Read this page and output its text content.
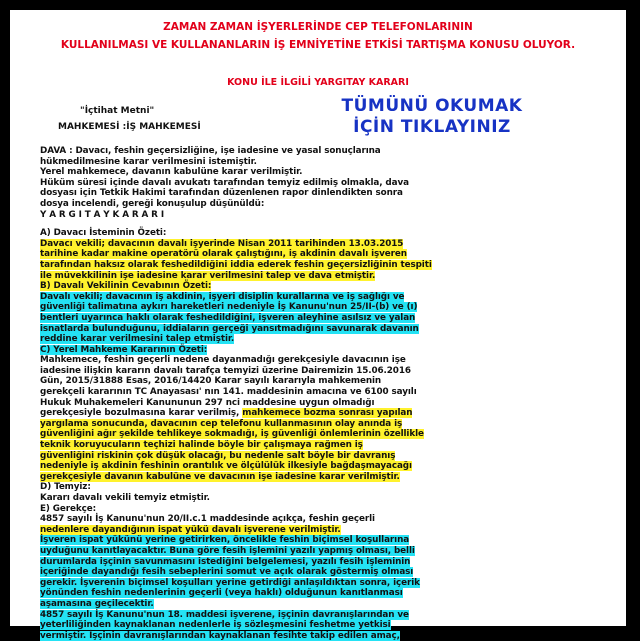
ZAMAN ZAMAN İŞYERLERİNDE CEP TELEFONLARININ
KULLANILMASI VE KULLANANLARIN İŞ EMNİYETİNE ETKİSİ TARTIŞMA KONUSU OLUYOR.
KONU İLE İLGİLİ YARGITAY KARARI
"İçtihat Metni"
MAHKEMESİ :İŞ MAHKEMESİ
TÜMÜNÜ OKUMAK
İÇİN TIKLAYINIZ
DAVA : Davacı, feshin geçersizliğine, işe iadesine ve yasal sonuçlarına
hükmedilmesine karar verilmesini istemiştir.
Yerel mahkemece, davanın kabulüne karar verilmiştir.
Hüküm süresi içinde davalı avukatı tarafından temyiz edilmiş olmakla, dava
dosyası için Tetkik Hakimi tarafından düzenlenen rapor dinlendikten sonra
dosya incelendi, gereği konuşulup düşünüldü:
Y A R G I T A Y K A R A R I
A) Davacı İsteminin Özeti:
Davacı vekili; davacının davalı işyerinde Nisan 2011 tarihinden 13.03.2015
tarihine kadar makine operatörü olarak çalıştığını, iş akdinin davalı işveren
tarafından haksız olarak feshedildiğini iddia ederek feshin geçersizliğinin tespiti
ile müvekkilinin işe iadesine karar verilmesini talep ve dava etmiştir.
B) Davalı Vekilinin Cevabının Özeti:
Davalı vekili; davacının iş akdinin, işyeri disiplin kurallarına ve iş sağlığı ve
güvenliği talimatına aykırı hareketleri nedeniyle İş Kanunu'nun 25/II-(b) ve (ı)
bentleri uyarınca haklı olarak feshedildiğini, işveren aleyhine asılsız ve yalan
isnatlarda bulunduğunu, iddiaların gerçeği yansıtmadığını savunarak davanın
reddine karar verilmesini talep etmiştir.
C) Yerel Mahkeme Kararının Özeti:
Mahkemece, feshin geçerli nedene dayanmadığı gerekçesiyle davacının işe
iadesine ilişkin kararın davalı tarafça temyizi üzerine Dairemizin 15.06.2016
Gün, 2015/31888 Esas, 2016/14420 Karar sayılı kararıyla mahkemenin
gerekçeli kararının TC Anayasası' nın 141. maddesinin amacına ve 6100 sayılı
Hukuk Muhakemeleri Kanununun 297 nci maddesine uygun olmadığı
gerekçesiyle bozulmasına karar verilmiş, mahkemece bozma sonrası yapılan
yargılama sonucunda, davacının cep telefonu kullanmasının olay anında iş
güvenliğini ağır şekilde tehlikeye sokmadığı, iş güvenliği önlemlerinin özellikle
teknik koruyucuların teçhizi halinde böyle bir çalışmaya rağmen iş
güvenliğini riskinin çok düşük olacağı, bu nedenle salt böyle bir davranış
nedeniyle iş akdinin feshinin orantılık ve ölçülülük ilkesiyle bağdaşmayacağı
gerekçesiyle davanın kabulüne ve davacının işe iadesine karar verilmiştir.
D) Temyiz:
Kararı davalı vekili temyiz etmiştir.
E) Gerekçe:
4857 sayılı İş Kanunu'nun 20/II.c.1 maddesinde açıkça, feshin geçerli
nedenlere dayandığının ispat yükü davalı işverene verilmiştir.
İşveren ispat yükünü yerine getirirken, öncelikle feshin biçimsel koşullarına
uyduğunu kanıtlayacaktır. Buna göre fesih işlemini yazılı yapmış olması, belli
durumlarda işçinin savunmasını istediğini belgelemesi, yazılı fesih işleminin
içeriğinde dayandığı fesih sebeplerini somut ve açık olarak göstermiş olması
gerekir. İşverenin biçimsel koşulları yerine getirdiği anlaşıldıktan sonra, içerik
yönünden feshin nedenlerinin geçerli (veya haklı) olduğunun kanıtlanması
aşamasına geçilecektir.
4857 sayılı İş Kanunu'nun 18. maddesi işverene, işçinin davranışlarından ve
yeterliliğinden kaynaklanan nedenlerle iş sözleşmesini feshetme yetkisi
vermiştir. İşçinin davranışlarından kaynaklanan fesihte takip edilen amaç,
